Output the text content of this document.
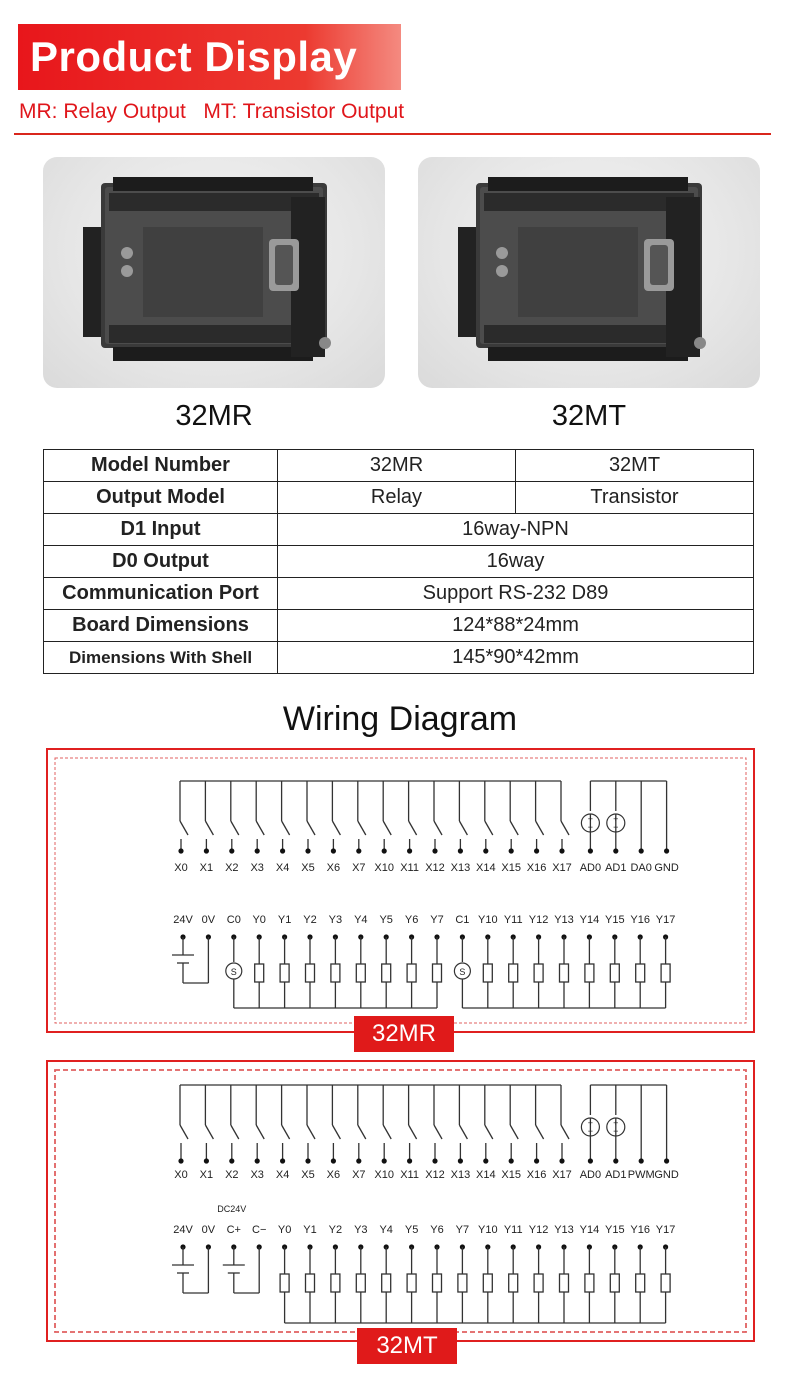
Product Display
MR: Relay Output   MT: Transistor Output
32MR	32MT
Model Number	32MR	32MT
Output Model	Relay	Transistor
D1 Input	16way-NPN	
D0 Output	16way	
Communication Port	Support RS-232 D89	
Board Dimensions	124*88*24mm	
Dimensions With Shell	145*90*42mm	
Wiring Diagram
+
−
+
−
X0 X1 X2 X3 X4 X5 X6 X7 X10 X11 X12 X13 X14 X15 X16 X17 AD0 AD1 DA0 GND
24V 0V C0 Y0 Y1 Y2 Y3 Y4 Y5 Y6 Y7 C1 Y10 Y11 Y12 Y13 Y14 Y15 Y16 Y17
S	S
32MR
+
−
+
−
X0 X1 X2 X3 X4 X5 X6 X7 X10 X11 X12 X13 X14 X15 X16 X17 AD0 AD1 PWM GND
24V 0V C+ C− Y0 Y1 Y2 Y3 Y4 Y5 Y6 Y7 Y10 Y11 Y12 Y13 Y14 Y15 Y16 Y17
DC24V
32MT
